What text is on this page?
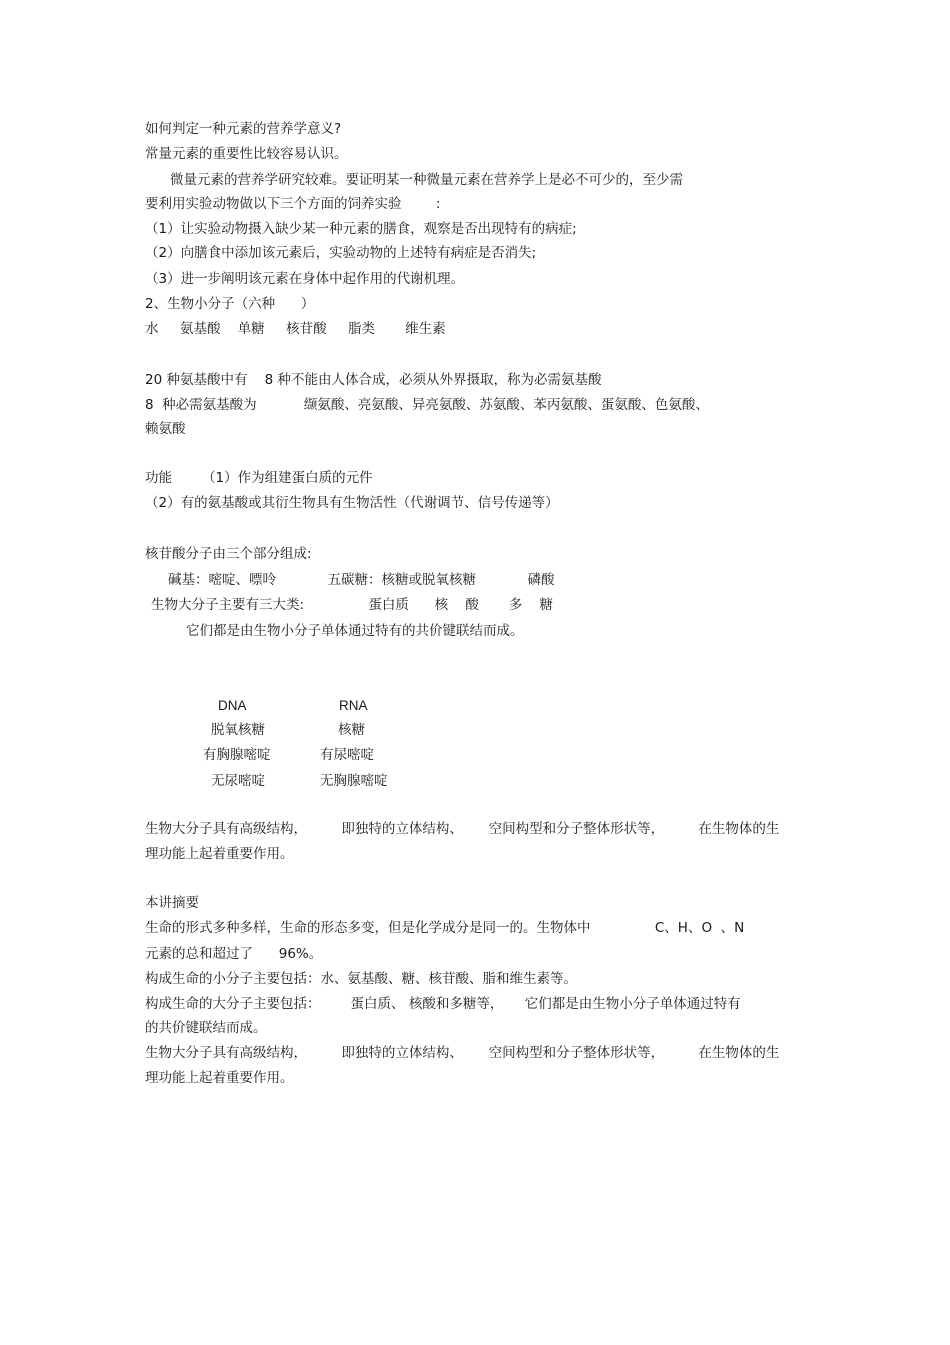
如何判定一种元素的营养学意义?
常量元素的重要性比较容易认识。
微量元素的营养学研究较难。要证明某一种微量元素在营养学上是必不可少的，至少需
要利用实验动物做以下三个方面的饲养实验        :
（1）让实验动物摄入缺少某一种元素的膳食，观察是否出现特有的病症;
（2）向膳食中添加该元素后，实验动物的上述特有病症是否消失;
（3）进一步阐明该元素在身体中起作用的代谢机理。
2、生物小分子（六种      ）
水     氨基酸    单糖     核苷酸     脂类       维生素
20 种氨基酸中有    8 种不能由人体合成，必须从外界摄取，称为必需氨基酸
8  种必需氨基酸为           缬氨酸、亮氨酸、异亮氨酸、苏氨酸、苯丙氨酸、蛋氨酸、色氨酸、
赖氨酸
功能       （1）作为组建蛋白质的元件
（2）有的氨基酸或其衍生物具有生物活性（代谢调节、信号传递等）
核苷酸分子由三个部分组成:
碱基：嘧啶、嘌呤            五碳糖：核糖或脱氧核糖            磷酸
生物大分子主要有三大类:               蛋白质      核    酸       多    糖
它们都是由生物小分子单体通过特有的共价键联结而成。
DNA	RNA
脱氧核糖	核糖
有胸腺嘧啶	有尿嘧啶
无尿嘧啶	无胸腺嘧啶
生物大分子具有高级结构，        即独特的立体结构、      空间构型和分子整体形状等，        在生物体的生
理功能上起着重要作用。
本讲摘要
生命的形式多种多样，生命的形态多变，但是化学成分是同一的。生物体中               C、H、O  、N
元素的总和超过了      96%。
构成生命的小分子主要包括：水、氨基酸、糖、核苷酸、脂和维生素等。
构成生命的大分子主要包括：       蛋白质、 核酸和多糖等，     它们都是由生物小分子单体通过特有
的共价键联结而成。
生物大分子具有高级结构，        即独特的立体结构、      空间构型和分子整体形状等，        在生物体的生
理功能上起着重要作用。
